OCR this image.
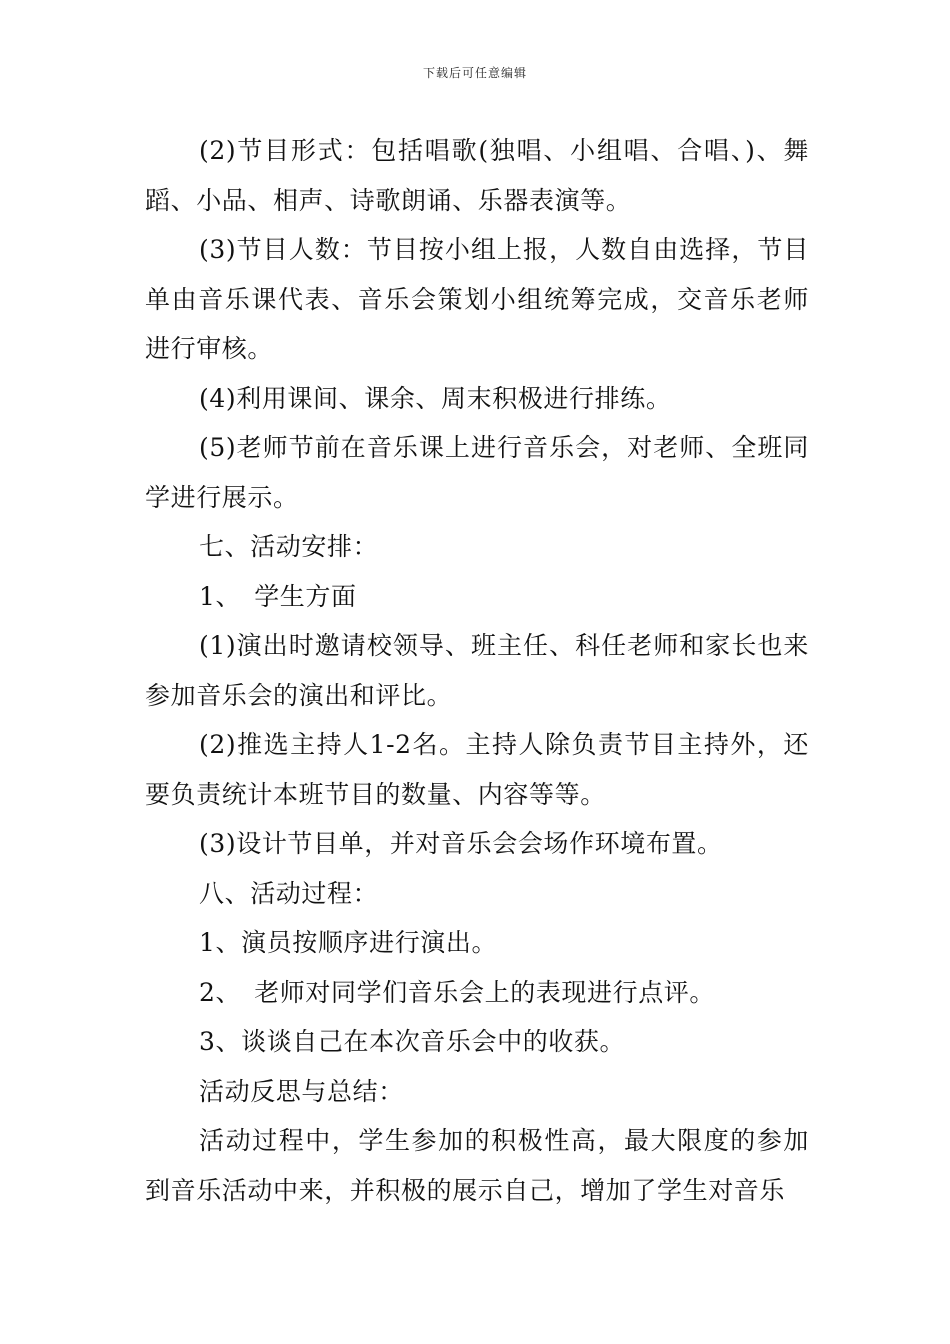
下载后可任意编辑

(2)节目形式：包括唱歌(独唱、小组唱、合唱、)、舞蹈、小品、相声、诗歌朗诵、乐器表演等。

(3)节目人数：节目按小组上报，人数自由选择，节目单由音乐课代表、音乐会策划小组统筹完成，交音乐老师进行审核。

(4)利用课间、课余、周末积极进行排练。

(5)老师节前在音乐课上进行音乐会，对老师、全班同学进行展示。

七、活动安排：

1、　学生方面

(1)演出时邀请校领导、班主任、科任老师和家长也来参加音乐会的演出和评比。

(2)推选主持人1-2名。主持人除负责节目主持外，还要负责统计本班节目的数量、内容等等。

(3)设计节目单，并对音乐会会场作环境布置。

八、活动过程：

1、演员按顺序进行演出。

2、　老师对同学们音乐会上的表现进行点评。

3、谈谈自己在本次音乐会中的收获。

活动反思与总结：

活动过程中，学生参加的积极性高，最大限度的参加到音乐活动中来，并积极的展示自己，增加了学生对音乐
